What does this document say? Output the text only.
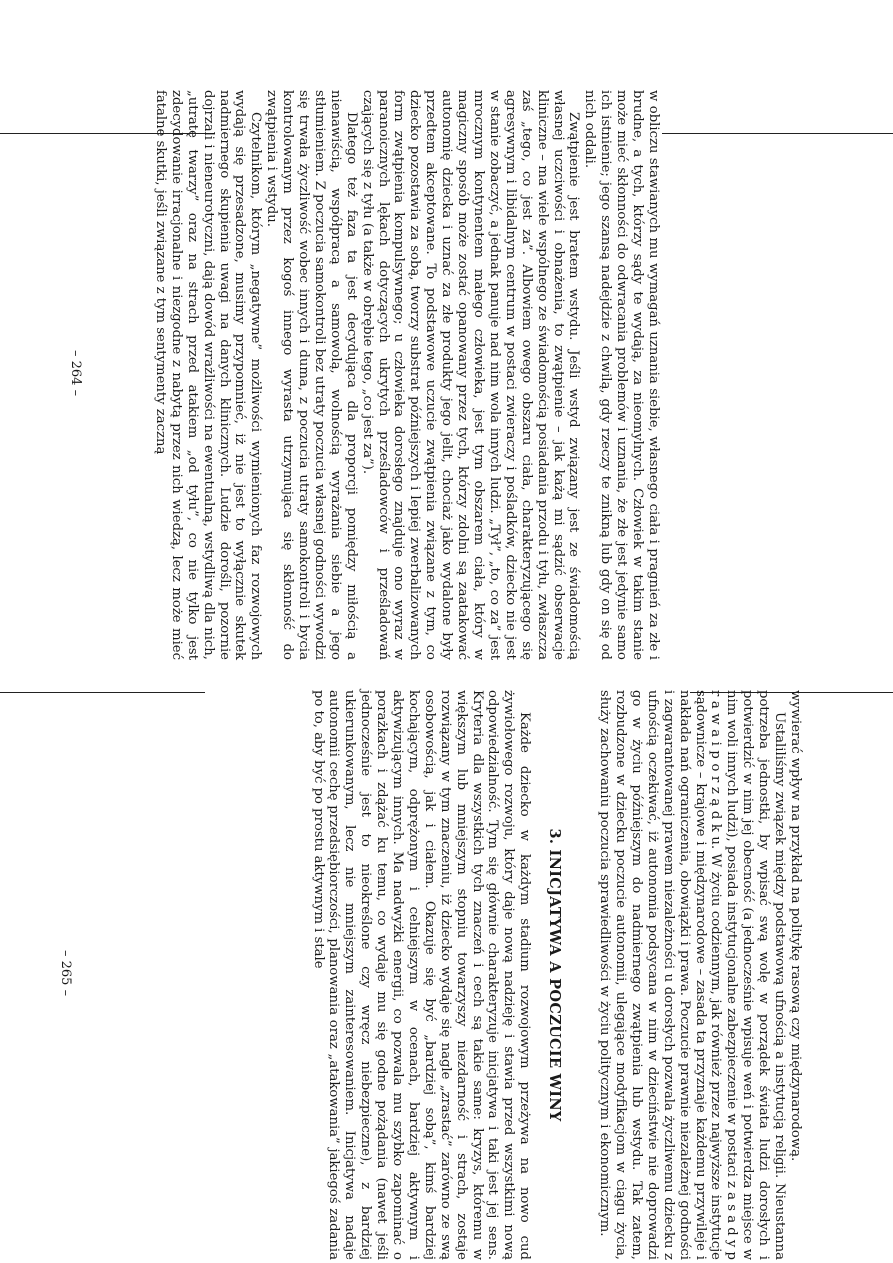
w obliczu stawianych mu wymagań uznania siebie, własnego ciała i pragnień za złe i brudne, a tych, którzy sądy te wydają, za nieomylnych. Człowiek w takim stanie może mieć skłonności do odwracania problemów i uznania, że złe jest jedynie samo ich istnienie; jego szansą nadejdzie z chwilą, gdy rzeczy te znikną lub gdy on się od nich oddali.

Zwątpienie jest bratem wstydu. Jeśli wstyd związany jest ze świadomością własnej uczciwości i obnażenia, to zwątpienie – jak każą mi sądzić obserwacje kliniczne – ma wiele wspólnego ze świadomością posiadania przodu i tyłu, zwłaszcza zaś „tego, co jest za”. Albowiem owego obszaru ciała, charakteryzującego się agresywnym i libidalnym centrum w postaci zwieraczy i pośladków, dziecko nie jest w stanie zobaczyć, a jednak panuje nad nim wola innych ludzi. „Tył”, „to, co za” jest mrocznym kontynentem małego człowieka, jest tym obszarem ciała, który w magiczny sposób może zostać opanowany przez tych, którzy zdolni są zaatakować autonomię dziecka i uznać za złe produkty jego jelit, chociaż jako wydalone były przedtem akceptowane. To podstawowe uczucie zwątpienia związane z tym, co dziecko pozostawia za sobą, tworzy substrat późniejszych i lepiej zwerbalizowanych form zwątpienia kompulsywnego; u człowieka dorosłego znajduje ono wyraz w paranoicznych lękach dotyczących ukrytych prześladowców i prześladowań czających się z tyłu (a także w obrębie tego, „co jest za”).

Dlatego też faza ta jest decydująca dla proporcji pomiędzy miłością a nienawiścią, współpracą a samowolą, wolnością wyrażania siebie a jego stłumieniem. Z poczucia samokontroli bez utraty poczucia własnej godności wywodzi się trwała życzliwość wobec innych i duma, z poczucia utraty samokontroli i bycia kontrolowanym przez kogoś innego wyrasta utrzymująca się skłonność do zwątpienia i wstydu.

Czytelnikom, którym „negatywne” możliwości wymienionych faz rozwojowych wydają się przesadzone, musimy przypomnieć, iż nie jest to wyłącznie skutek nadmiernego skupienia uwagi na danych klinicznych. Ludzie dorośli, pozornie dojrzali i nieneurotyczni, dają dowód wrażliwości na ewentualną, wstydliwą dla nich, „utratę twarzy” oraz na strach przed atakiem „od tyłu”, co nie tylko jest zdecydowanie irracjonalne i niezgodne z nabytą przez nich wiedzą, lecz może mieć fatalne skutki, jeśli związane z tym sentymenty zaczną

– 264 –

wywierać wpływ na przykład na politykę rasową czy międzynarodową.

Ustaliliśmy związek między podstawową ufnością a instytucją religii. Nieustanna potrzeba jednostki, by wpisać swą wolę w porządek świata ludzi dorosłych i potwierdzić w nim jej obecność (a jednocześnie wpisuje weń i potwierdza miejsce w nim woli innych ludzi), posiada instytucjonalne zabezpieczenie w postaci z a s a d y p r a w a i p o r z ą d k u. W życiu codziennym, jak również przez najwyższe instytucje sądownicze – krajowe i międzynarodowe – zasada ta przyznaje każdemu przywileje i nakłada nań ograniczenia, obowiązki i prawa. Poczucie prawnie niezależnej godności i zagwarantowanej prawem niezależności u dorosłych pozwala życzliwemu dziecku z ufnością oczekiwać, iż autonomia podsycana w nim w dzieciństwie nie doprowadzi go w życiu późniejszym do nadmiernego zwątpienia lub wstydu. Tak zatem, rozbudzone w dziecku poczucie autonomii, ulegające modyfikacjom w ciągu życia, służy zachowaniu poczucia sprawiedliwości w życiu politycznym i ekonomicznym.

3. INICJATYWA A POCZUCIE WINY

Każde dziecko w każdym stadium rozwojowym przeżywa na nowo cud żywiołowego rozwoju, który daje nową nadzieję i stawia przed wszystkimi nową odpowiedzialność. Tym się głównie charakteryzuje inicjatywa i taki jest jej sens. Kryteria dla wszystkich tych znaczeń i cech są takie same: kryzys, któremu w większym lub mniejszym stopniu towarzyszy niezdarność i strach, zostaje rozwiązany w tym znaczeniu, iż dziecko wydaje się nagle „zrastać” zarówno ze swą osobowością, jak i ciałem. Okazuje się być „bardziej sobą”, kimś bardziej kochającym, odprężonym i celniejszym w ocenach, bardziej aktywnym i aktywizującym innych. Ma nadwyżki energii, co pozwala mu szybko zapominać o porażkach i zdążać ku temu, co wydaje mu się godne pożądania (nawet jeśli jednocześnie jest to nieokreślone czy wręcz niebezpieczne), z bardziej ukierunkowanym, lecz nie mniejszym zainteresowaniem. Inicjatywa nadaje autonomii cechę przedsiębiorczości, planowania oraz „atakowania” jakiegoś zadania po to, aby być po prostu aktywnym i stale

– 265 –
